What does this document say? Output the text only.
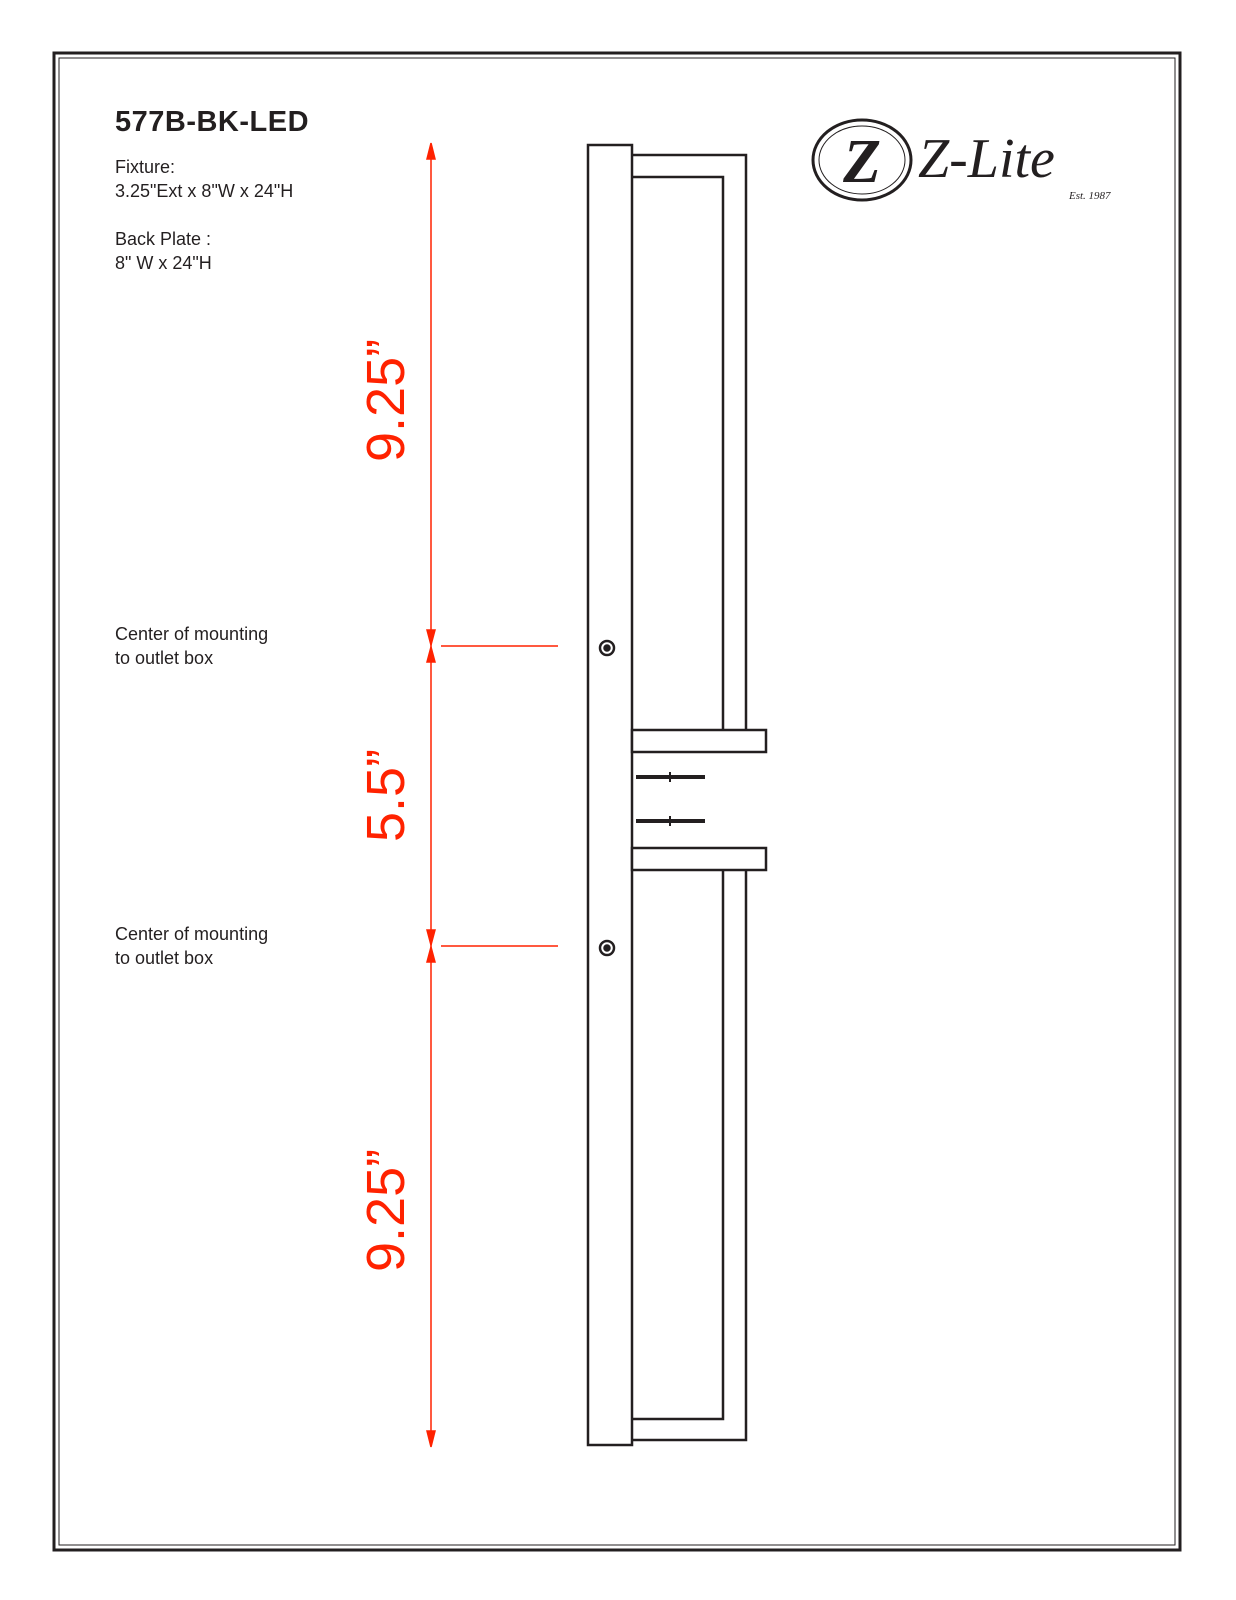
Z

577B-BK-LED

Fixture:

3.25"Ext x 8"W x 24"H

Back Plate :

8" W x 24"H

Center of mounting
to outlet box

Center of mounting
to outlet box

9.25”
5.5”
9.25”
Z-Lite
Est. 1987
